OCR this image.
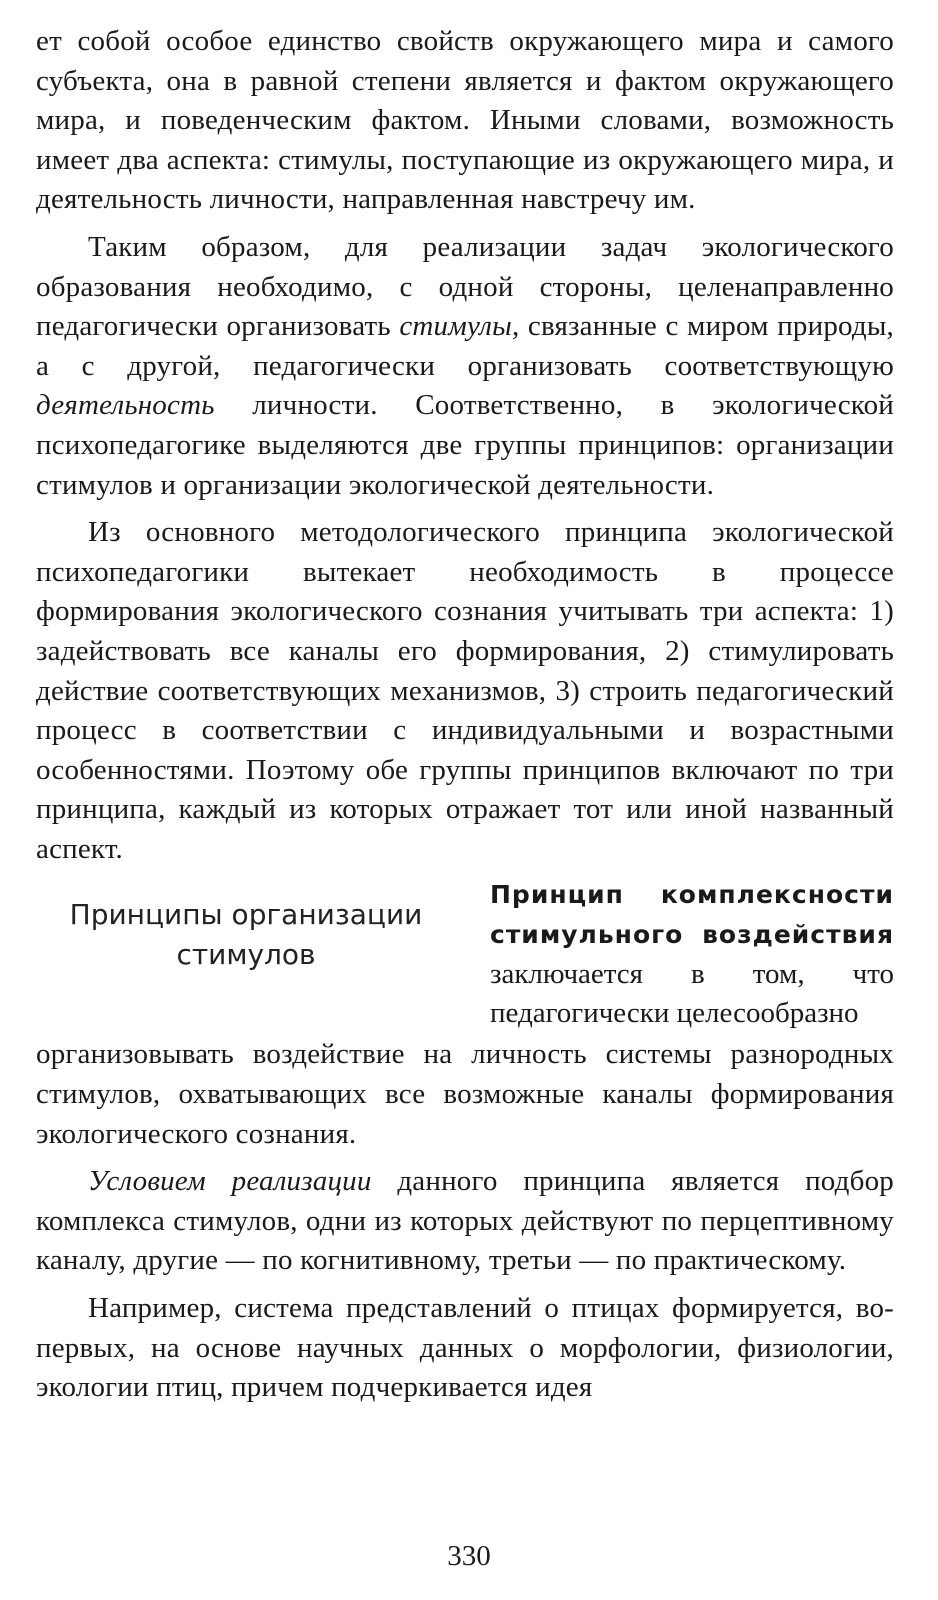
ет собой особое единство свойств окружающего мира и самого субъекта, она в равной степени является и фактом окружающего мира, и поведенческим фактом. Иными словами, возможность имеет два аспекта: стимулы, поступающие из окружающего мира, и деятельность личности, направленная навстречу им.

Таким образом, для реализации задач экологического образования необходимо, с одной стороны, целенаправленно педагогически организовать стимулы, связанные с миром природы, а с другой, педагогически организовать соответствующую деятельность личности. Соответственно, в экологической психопедагогике выделяются две группы принципов: организации стимулов и организации экологической деятельности.

Из основного методологического принципа экологической психопедагогики вытекает необходимость в процессе формирования экологического сознания учитывать три аспекта: 1) задействовать все каналы его формирования, 2) стимулировать действие соответствующих механизмов, 3) строить педагогический процесс в соответствии с индивидуальными и возрастными особенностями. Поэтому обе группы принципов включают по три принципа, каждый из которых отражает тот или иной названный аспект.

Принципы организации стимулов
Принцип комплексности стимульного воздействия заключается в том, что педагогически целесообразно

организовывать воздействие на личность системы разнородных стимулов, охватывающих все возможные каналы формирования экологического сознания.

Условием реализации данного принципа является подбор комплекса стимулов, одни из которых действуют по перцептивному каналу, другие — по когнитивному, третьи — по практическому.

Например, система представлений о птицах формируется, во-первых, на основе научных данных о морфологии, физиологии, экологии птиц, причем подчеркивается идея

330
